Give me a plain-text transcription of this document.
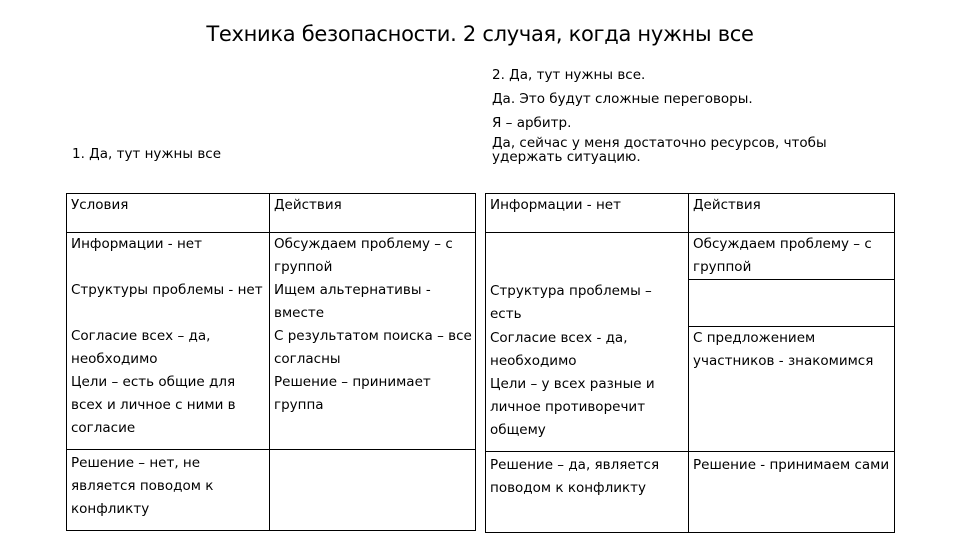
Техника безопасности. 2 случая, когда нужны все
1. Да, тут нужны все
2. Да, тут нужны все.
Да. Это будут сложные переговоры.
Я – арбитр.
Да, сейчас у меня достаточно ресурсов, чтобы удержать ситуацию.
Условия	Действия
Информации - нет	Обсуждаем проблему – с группой
Структуры проблемы - нет	Ищем альтернативы - вместе
Согласие всех – да, необходимо	С результатом поиска – все согласны
Цели – есть общие для всех и личное с ними в согласие	Решение – принимает группа
Решение – нет, не является поводом к конфликту	
Информации - нет	Действия
	Обсуждаем проблему – с группой
Структура проблемы – есть	
Согласие всех - да, необходимо	С предложением участников - знакомимся
Цели – у всех разные и личное противоречит общему	
Решение – да, является поводом к конфликту	Решение - принимаем сами
